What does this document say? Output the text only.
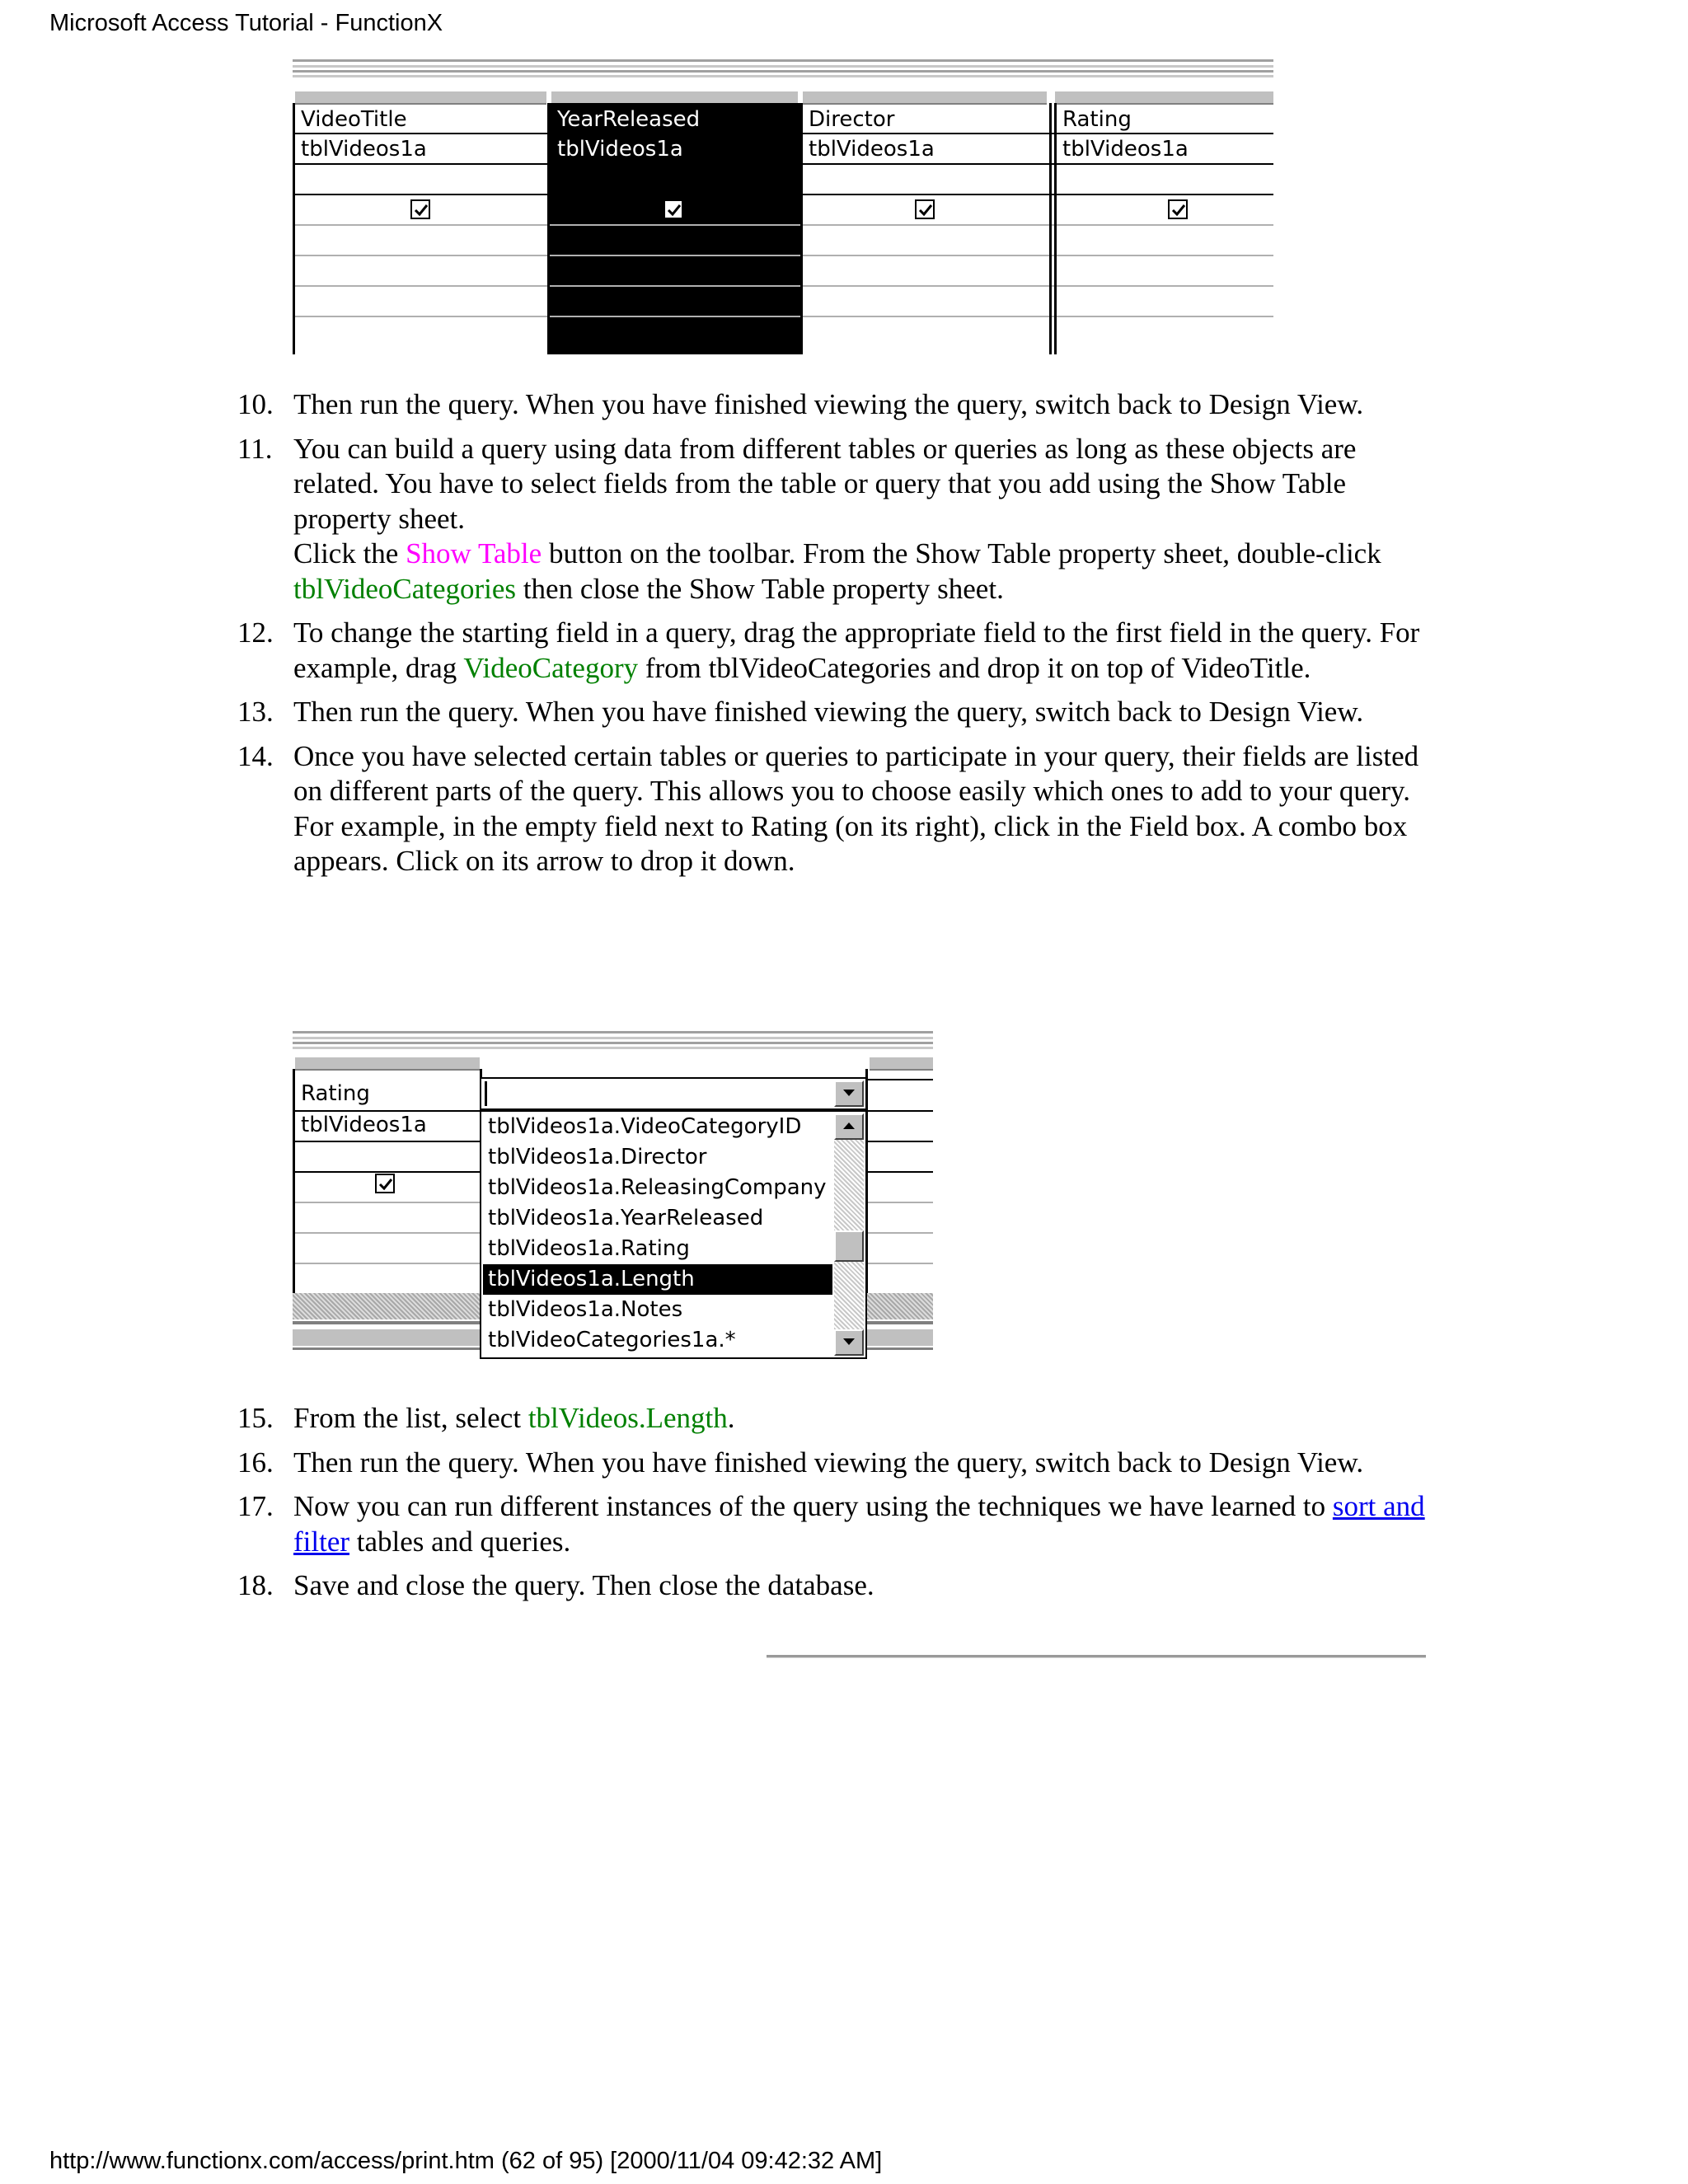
Microsoft Access Tutorial - FunctionX
VideoTitle
tblVideos1a
YearReleased
tblVideos1a
Director
tblVideos1a
Rating
tblVideos1a
10. Then run the query. When you have finished viewing the query, switch back to Design View.
11. You can build a query using data from different tables or queries as long as these objects are related. You have to select fields from the table or query that you add using the Show Table property sheet.
Click the Show Table button on the toolbar. From the Show Table property sheet, double-click tblVideoCategories then close the Show Table property sheet.
12. To change the starting field in a query, drag the appropriate field to the first field in the query. For example, drag VideoCategory from tblVideoCategories and drop it on top of VideoTitle.
13. Then run the query. When you have finished viewing the query, switch back to Design View.
14. Once you have selected certain tables or queries to participate in your query, their fields are listed on different parts of the query. This allows you to choose easily which ones to add to your query. For example, in the empty field next to Rating (on its right), click in the Field box. A combo box appears. Click on its arrow to drop it down.
Rating
tblVideos1a	tblVideos1a.VideoCategoryID
tblVideos1a.Director
tblVideos1a.ReleasingCompany
tblVideos1a.YearReleased
tblVideos1a.Rating
tblVideos1a.Length
tblVideos1a.Notes
tblVideoCategories1a.*
15. From the list, select tblVideos.Length.
16. Then run the query. When you have finished viewing the query, switch back to Design View.
17. Now you can run different instances of the query using the techniques we have learned to sort and filter tables and queries.
18. Save and close the query. Then close the database.
http://www.functionx.com/access/print.htm (62 of 95) [2000/11/04 09:42:32 AM]
